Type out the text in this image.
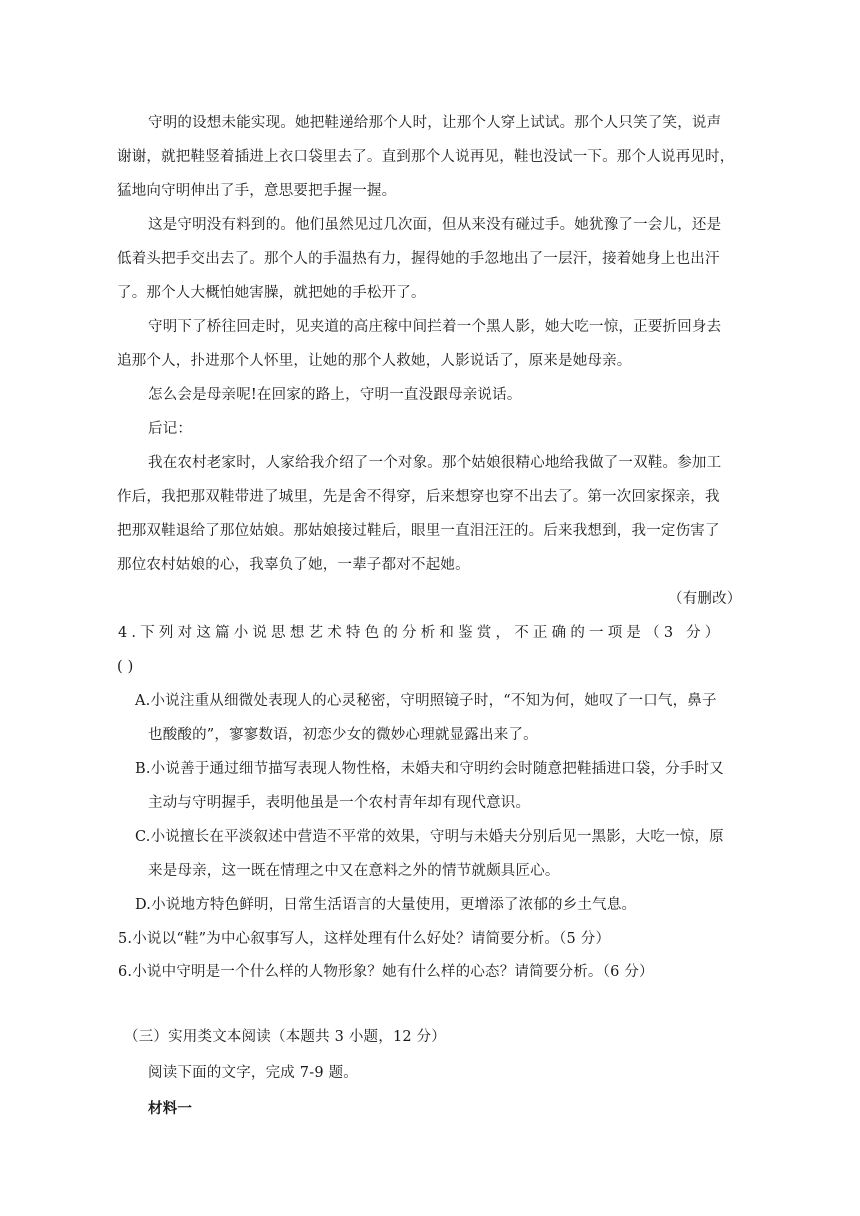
守明的设想未能实现。她把鞋递给那个人时，让那个人穿上试试。那个人只笑了笑，说声
谢谢，就把鞋竖着插进上衣口袋里去了。直到那个人说再见，鞋也没试一下。那个人说再见时，
猛地向守明伸出了手，意思要把手握一握。
这是守明没有料到的。他们虽然见过几次面，但从来没有碰过手。她犹豫了一会儿，还是
低着头把手交出去了。那个人的手温热有力，握得她的手忽地出了一层汗，接着她身上也出汗
了。那个人大概怕她害臊，就把她的手松开了。
守明下了桥往回走时，见夹道的高庄稼中间拦着一个黑人影，她大吃一惊，正要折回身去
追那个人，扑进那个人怀里，让她的那个人救她，人影说话了，原来是她母亲。
怎么会是母亲呢!在回家的路上，守明一直没跟母亲说话。
后记：
我在农村老家时，人家给我介绍了一个对象。那个姑娘很精心地给我做了一双鞋。参加工
作后，我把那双鞋带进了城里，先是舍不得穿，后来想穿也穿不出去了。第一次回家探亲，我
把那双鞋退给了那位姑娘。那姑娘接过鞋后，眼里一直泪汪汪的。后来我想到，我一定伤害了
那位农村姑娘的心，我辜负了她，一辈子都对不起她。
（有删改）
4.下列对这篇小说思想艺术特色的分析和鉴赏，不正确的一项是（3 分）
( )
A.小说注重从细微处表现人的心灵秘密，守明照镜子时，“不知为何，她叹了一口气，鼻子
也酸酸的”，寥寥数语，初恋少女的微妙心理就显露出来了。
B.小说善于通过细节描写表现人物性格，未婚夫和守明约会时随意把鞋插进口袋，分手时又
主动与守明握手，表明他虽是一个农村青年却有现代意识。
C.小说擅长在平淡叙述中营造不平常的效果，守明与未婚夫分别后见一黑影，大吃一惊，原
来是母亲，这一既在情理之中又在意料之外的情节就颇具匠心。
D.小说地方特色鲜明，日常生活语言的大量使用，更增添了浓郁的乡土气息。
5.小说以“鞋”为中心叙事写人，这样处理有什么好处？请简要分析。（5 分）
6.小说中守明是一个什么样的人物形象？她有什么样的心态？请简要分析。（6 分）
（三）实用类文本阅读（本题共 3 小题，12 分）
阅读下面的文字，完成 7-9 题。
材料一
